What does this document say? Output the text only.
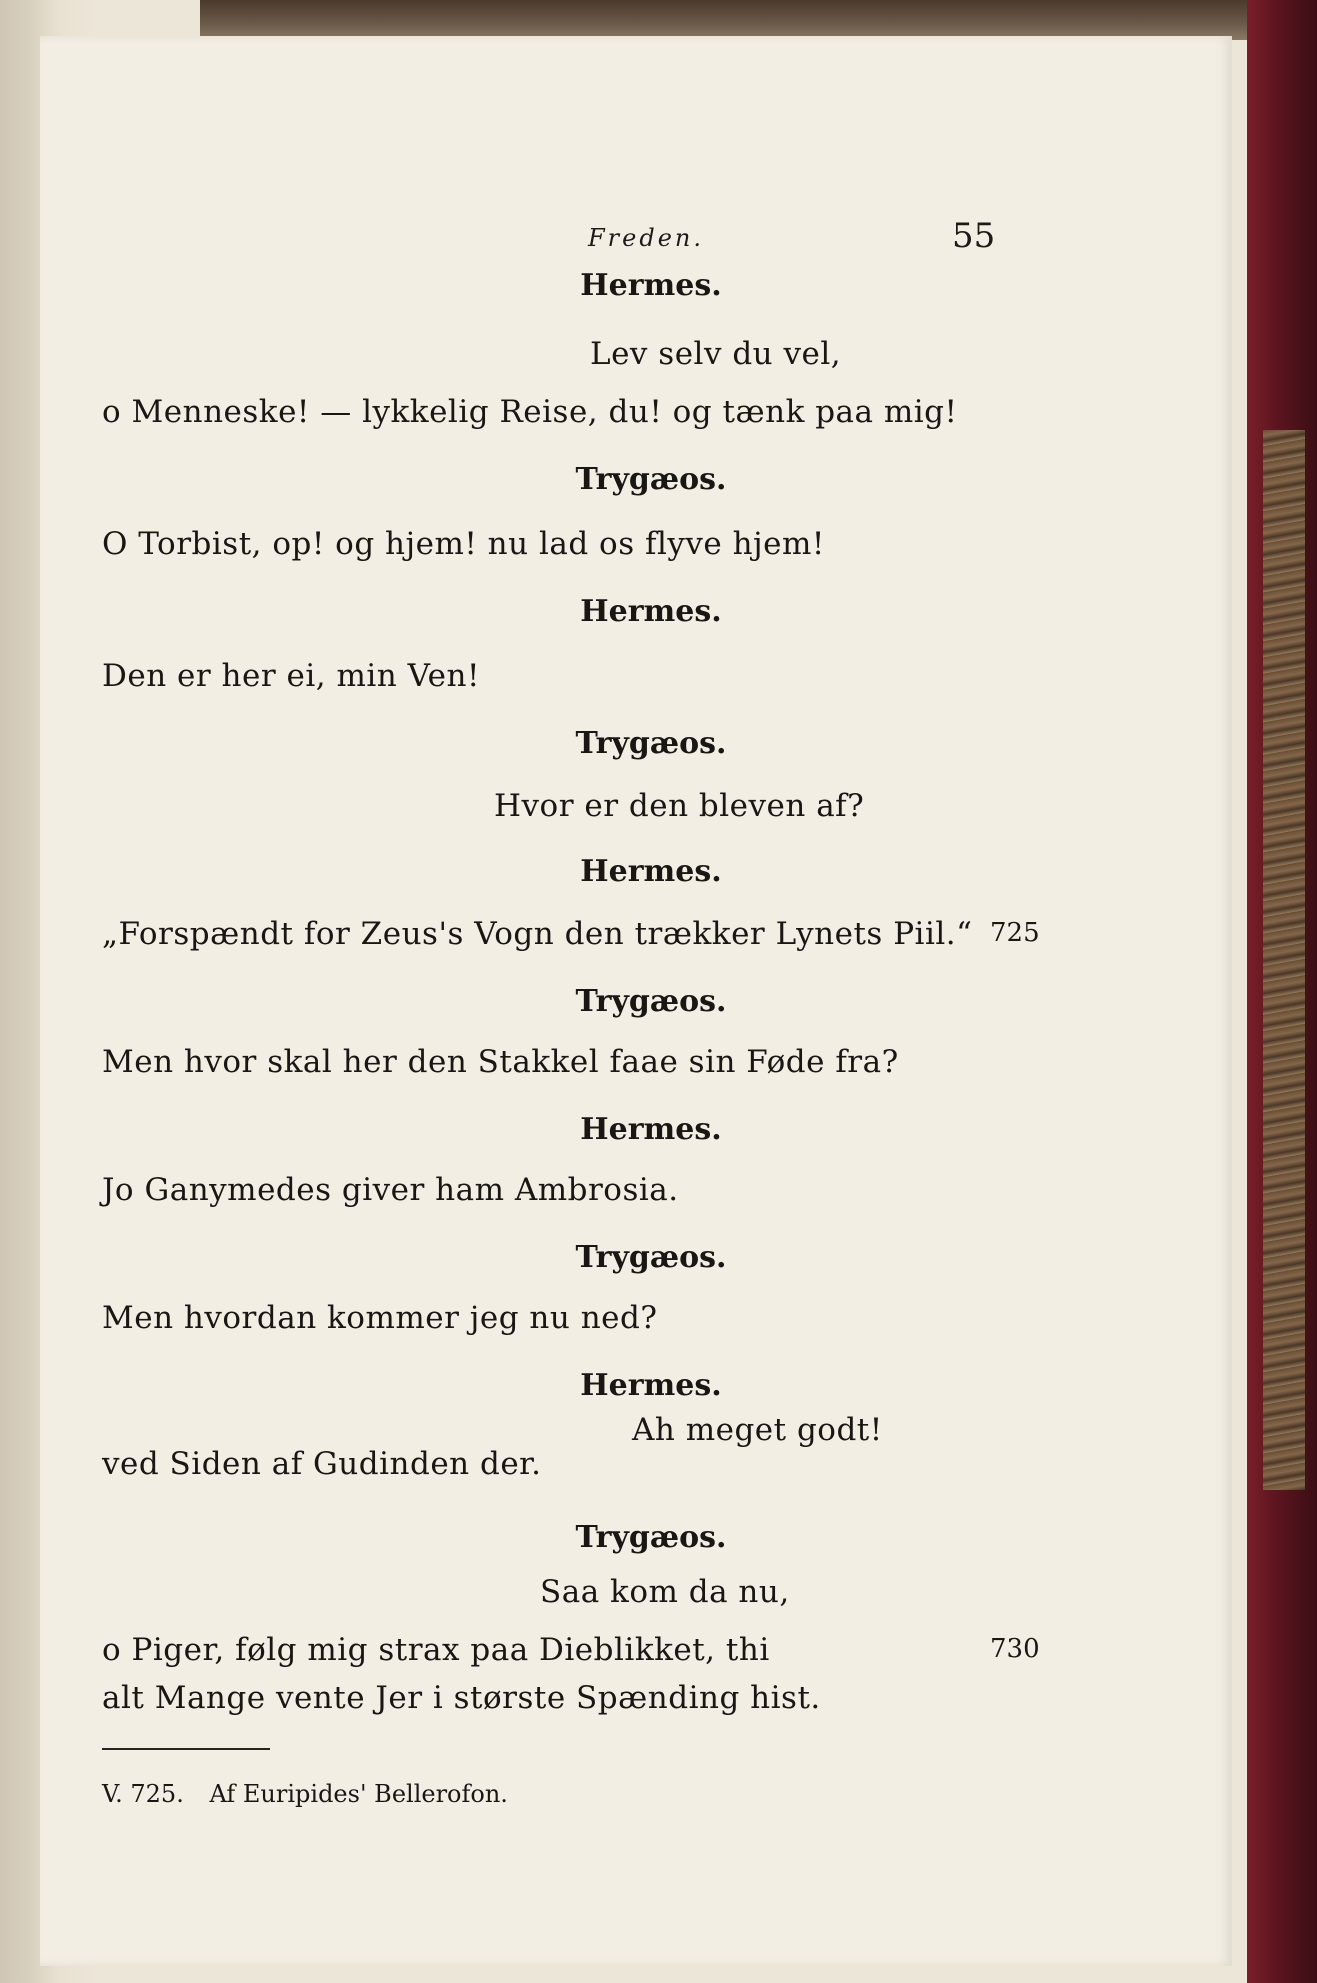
Freden.	55
Hermes.
Lev selv du vel,
o Menneske! — lykkelig Reise, du! og tænk paa mig!
Trygæos.
O Torbist, op! og hjem! nu lad os flyve hjem!
Hermes.
Den er her ei, min Ven!
Trygæos.
Hvor er den bleven af?
Hermes.
„Forspændt for Zeus's Vogn den trækker Lynets Piil.“ 725
Trygæos.
Men hvor skal her den Stakkel faae sin Føde fra?
Hermes.
Jo Ganymedes giver ham Ambrosia.
Trygæos.
Men hvordan kommer jeg nu ned?
Hermes.
Ah meget godt!
ved Siden af Gudinden der.
Trygæos.
Saa kom da nu,
o Piger, følg mig strax paa Dieblikket, thi	730
alt Mange vente Jer i største Spænding hist.
V. 725. Af Euripides' Bellerofon.
